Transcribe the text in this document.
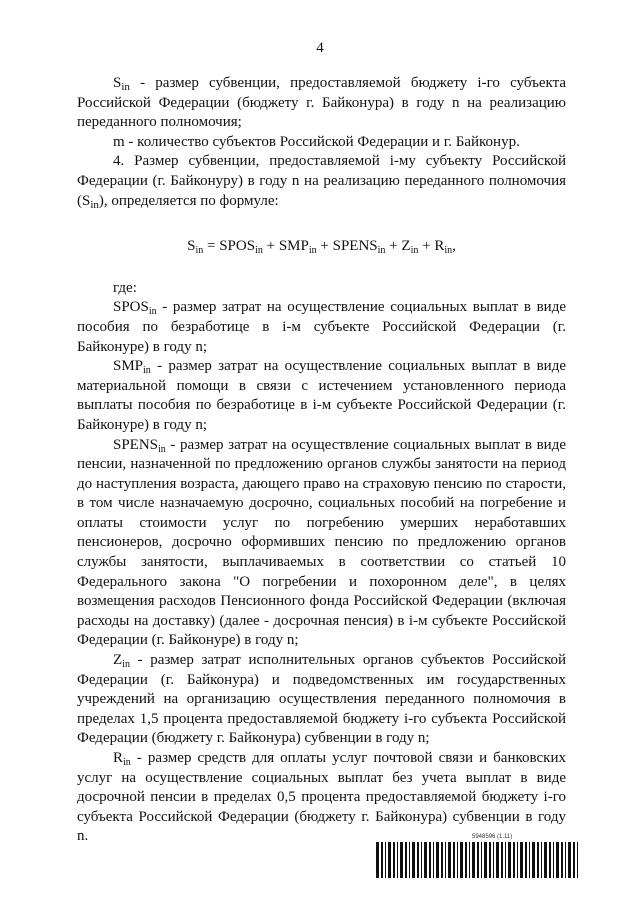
4

$S_{in}$ - размер субвенции, предоставляемой бюджету i-го субъекта Российской Федерации (бюджету г. Байконура) в году n на реализацию переданного полномочия;

m - количество субъектов Российской Федерации и г. Байконур.

4. Размер субвенции, предоставляемой i-му субъекту Российской Федерации (г. Байконуру) в году n на реализацию переданного полномочия $(S_{in})$, определяется по формуле:

$S_{in}$ = $SPOS_{in} + SMP_{in}$ + $SPENS_{in} + Z_{in} + R_{in}$,

где:

$SPOS_{in}$ - размер затрат на осуществление социальных выплат в виде пособия по безработице в i-м субъекте Российской Федерации (г. Байконуре) в году n;

$SMP_{in}$ - размер затрат на осуществление социальных выплат в виде материальной помощи в связи с истечением установленного периода выплаты пособия по безработице в i-м субъекте Российской Федерации (г. Байконуре) в году n;

$SPENS_{in}$ - размер затрат на осуществление социальных выплат в виде пенсии, назначенной по предложению органов службы занятости на период до наступления возраста, дающего право на страховую пенсию по старости, в том числе назначаемую досрочно, социальных пособий на погребение и оплаты стоимости услуг по погребению умерших неработавших пенсионеров, досрочно оформивших пенсию по предложению органов службы занятости, выплачиваемых в соответствии со статьей 10 Федерального закона "О погребении и похоронном деле", в целях возмещения расходов Пенсионного фонда Российской Федерации (включая расходы на доставку) (далее - досрочная пенсия) в i-м субъекте Российской Федерации (г. Байконуре) в году n;

$Z_{in}$ - размер затрат исполнительных органов субъектов Российской Федерации (г. Байконура) и подведомственных им государственных учреждений на организацию осуществления переданного полномочия в пределах 1,5 процента предоставляемой бюджету i-го субъекта Российской Федерации (бюджету г. Байконура) субвенции в году n;

$R_{in}$ - размер средств для оплаты услуг почтовой связи и банковских услуг на осуществление социальных выплат без учета выплат в виде досрочной пенсии в пределах 0,5 процента предоставляемой бюджету i-го субъекта Российской Федерации (бюджету г. Байконура) субвенции в году n.	5948596 (1.11)
